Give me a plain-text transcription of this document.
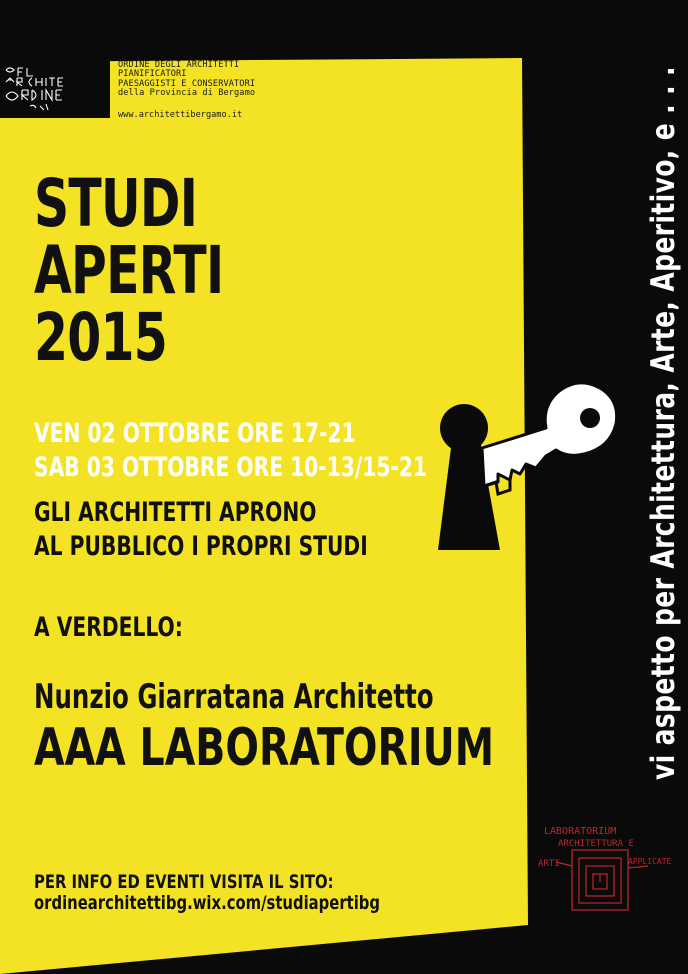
ORDINE ARCHITETTI
ORDINE DEGLI ARCHITETTI
PIANIFICATORI
PAESAGGISTI E CONSERVATORI
della Provincia di Bergamo
www.architettibergamo.it
STUDI
APERTI
2015
VEN 02 OTTOBRE ORE 17-21
SAB 03 OTTOBRE ORE 10-13/15-21
GLI ARCHITETTI APRONO
AL PUBBLICO I PROPRI STUDI
A VERDELLO:
Nunzio Giarratana Architetto
AAA LABORATORIUM
PER INFO ED EVENTI VISITA IL SITO:
ordinearchitettibg.wix.com/studiapertibg
vi aspetto per Architettura, Arte, Aperitivo, e . . .
LABORATORIUM
ARCHITETTURA E
ARTI	APPLICATE
